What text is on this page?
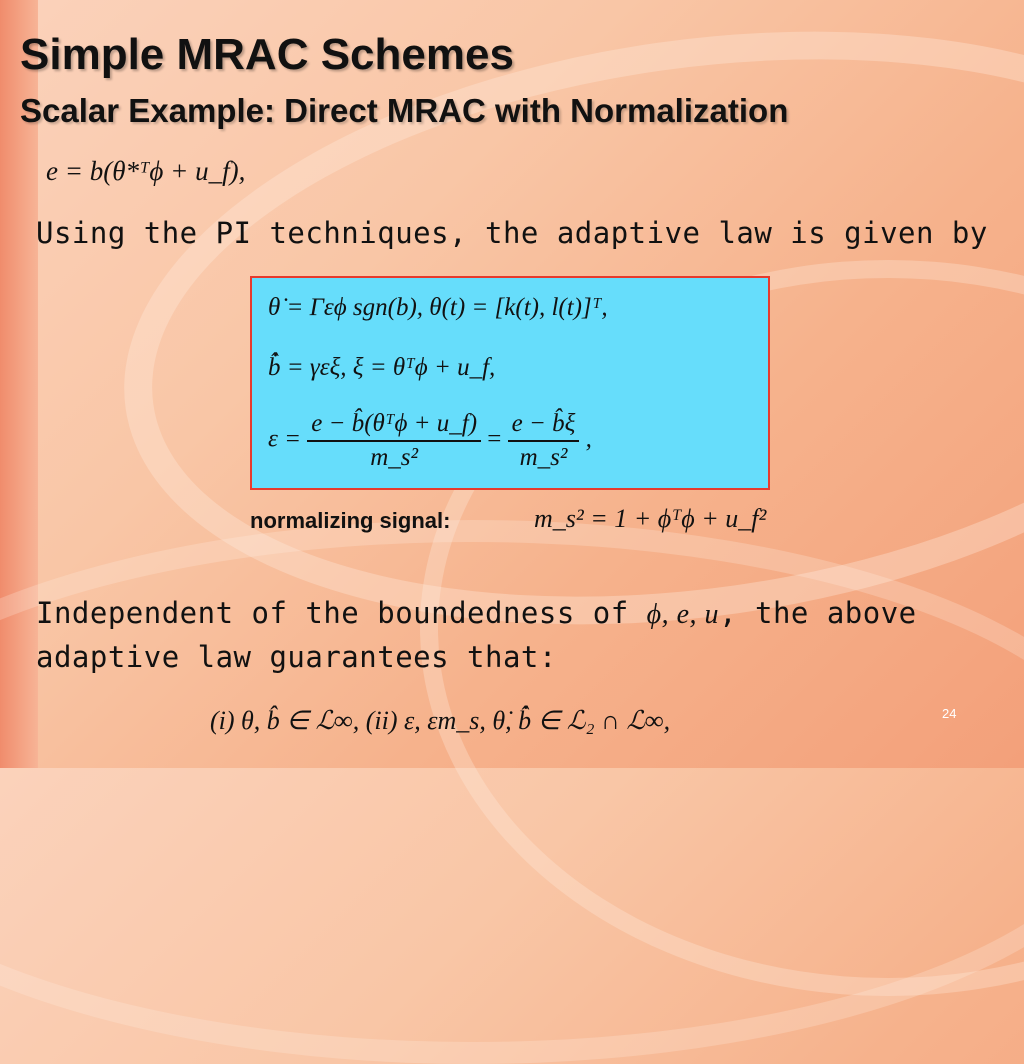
Simple MRAC Schemes
Scalar Example: Direct MRAC with Normalization
e = b(θ*ᵀϕ + u_f),

Using the PI techniques, the adaptive law is given by

θ̇ = Γεϕ sgn(b), θ(t) = [k(t), l(t)]ᵀ,
b̂̇ = γεξ, ξ = θᵀϕ + u_f,
$\varepsilon = \frac{\text{e − b̂(θᵀϕ + u\_f)}}{\text{m\_s²}} = \frac{e - b̂\xi}{\text{m\_s²}}$ ,
normalizing signal:	m_s² = 1 + ϕᵀϕ + u_f²

Independent of the boundedness of ϕ, e, u, the above adaptive law guarantees that:

(i) θ, b̂ ∈ ℒ∞, (ii) ε, εm_s, θ̇, b̂̇ ∈ ℒ₂ ∩ ℒ∞,	24
